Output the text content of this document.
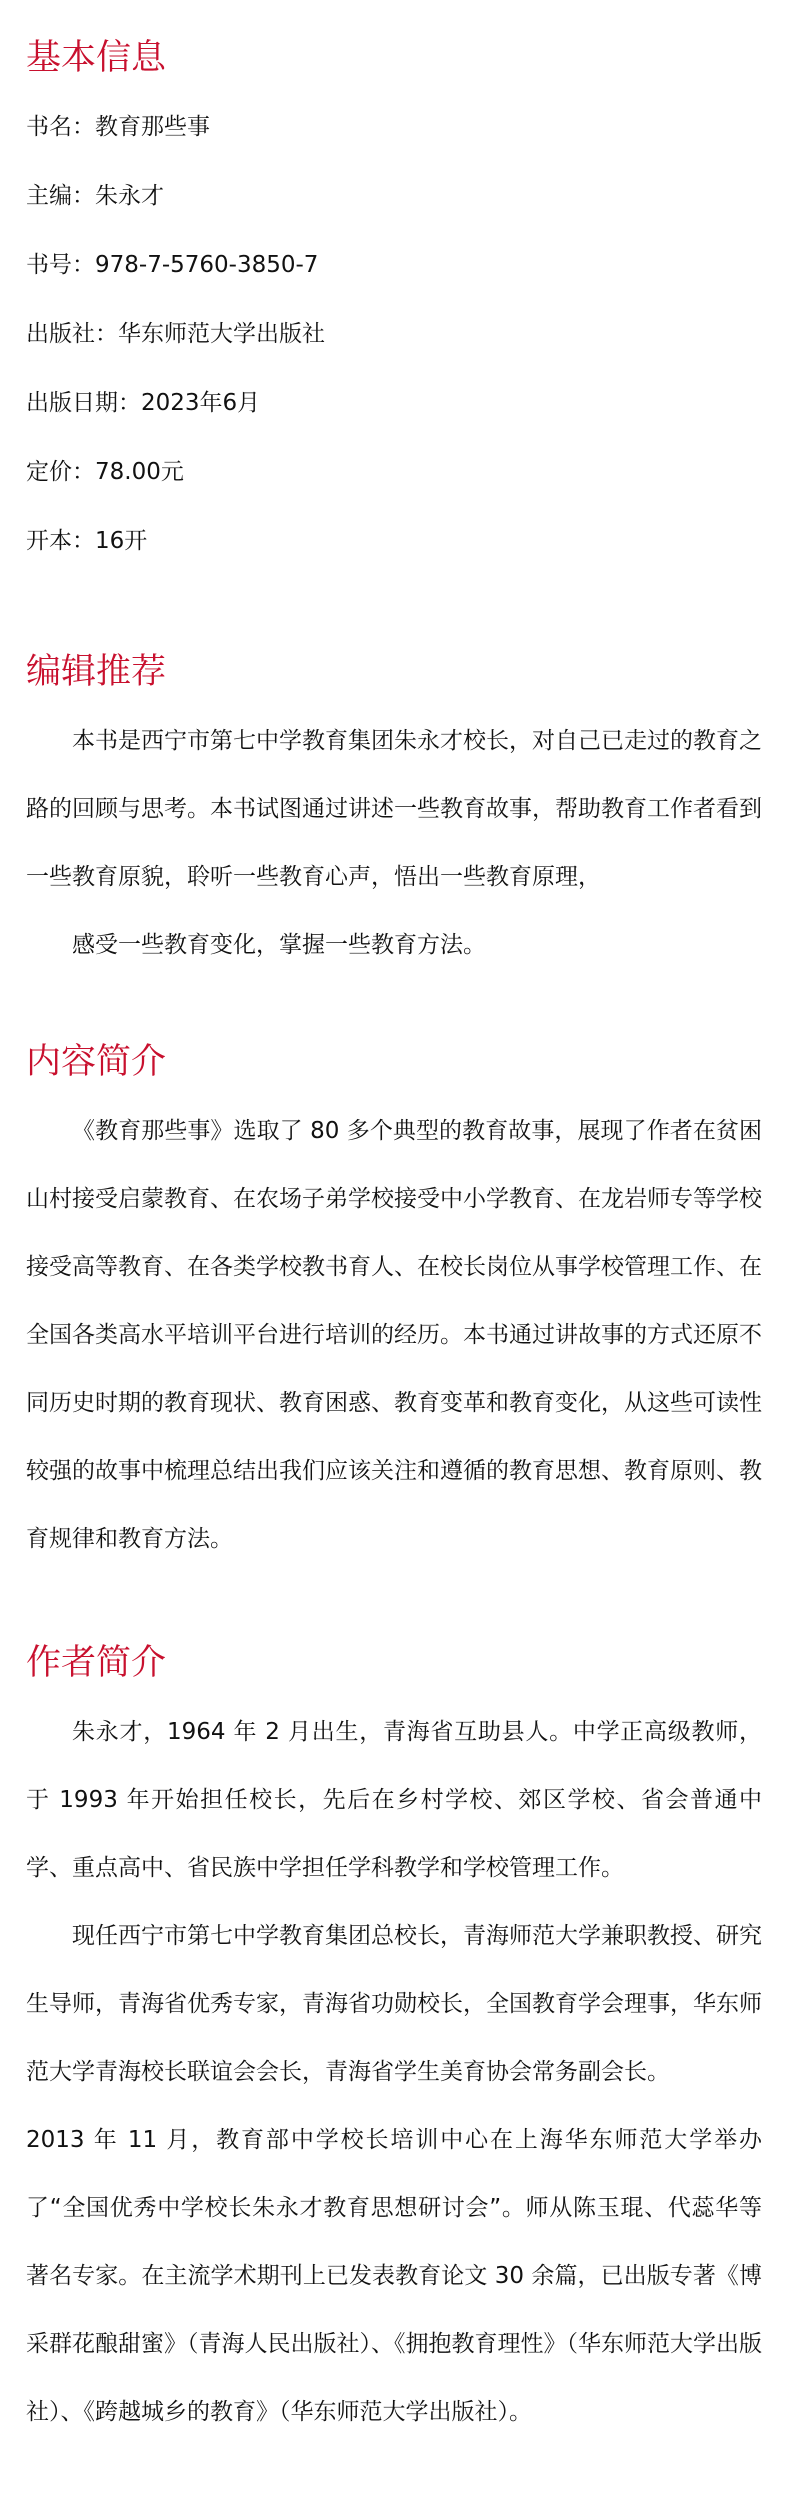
基本信息

书名：教育那些事

主编：朱永才

书号：978-7-5760-3850-7

出版社：华东师范大学出版社

出版日期：2023年6月

定价：78.00元

开本：16开

编辑推荐

本书是西宁市第七中学教育集团朱永才校长，对自己已走过的教育之路的回顾与思考。本书试图通过讲述一些教育故事，帮助教育工作者看到一些教育原貌，聆听一些教育心声，悟出一些教育原理，

感受一些教育变化，掌握一些教育方法。

内容简介

《教育那些事》选取了 80 多个典型的教育故事，展现了作者在贫困山村接受启蒙教育、在农场子弟学校接受中小学教育、在龙岩师专等学校接受高等教育、在各类学校教书育人、在校长岗位从事学校管理工作、在全国各类高水平培训平台进行培训的经历。本书通过讲故事的方式还原不同历史时期的教育现状、教育困惑、教育变革和教育变化，从这些可读性较强的故事中梳理总结出我们应该关注和遵循的教育思想、教育原则、教育规律和教育方法。

作者简介

朱永才，1964 年 2 月出生，青海省互助县人。中学正高级教师，于 1993 年开始担任校长，先后在乡村学校、郊区学校、省会普通中学、重点高中、省民族中学担任学科教学和学校管理工作。

现任西宁市第七中学教育集团总校长，青海师范大学兼职教授、研究生导师，青海省优秀专家，青海省功勋校长，全国教育学会理事，华东师范大学青海校长联谊会会长，青海省学生美育协会常务副会长。

2013 年 11 月，教育部中学校长培训中心在上海华东师范大学举办了“全国优秀中学校长朱永才教育思想研讨会”。师从陈玉琨、代蕊华等著名专家。在主流学术期刊上已发表教育论文 30 余篇，已出版专著《博采群花酿甜蜜》（青海人民出版社）、《拥抱教育理性》（华东师范大学出版社）、《跨越城乡的教育》（华东师范大学出版社）。
